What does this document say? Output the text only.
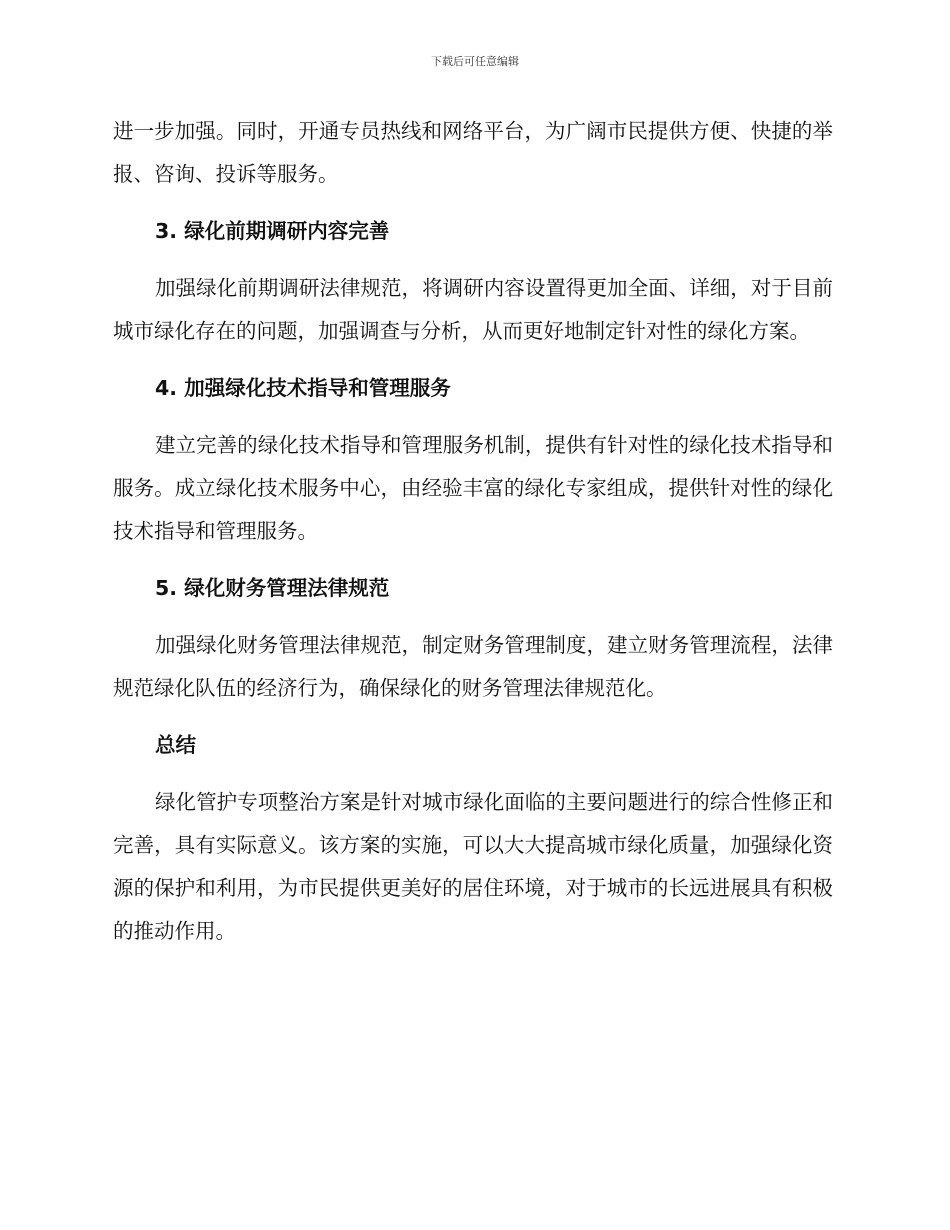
下载后可任意编辑

进一步加强。同时，开通专员热线和网络平台，为广阔市民提供方便、快捷的举报、咨询、投诉等服务。

3. 绿化前期调研内容完善

加强绿化前期调研法律规范，将调研内容设置得更加全面、详细，对于目前城市绿化存在的问题，加强调查与分析，从而更好地制定针对性的绿化方案。

4. 加强绿化技术指导和管理服务

建立完善的绿化技术指导和管理服务机制，提供有针对性的绿化技术指导和服务。成立绿化技术服务中心，由经验丰富的绿化专家组成，提供针对性的绿化技术指导和管理服务。

5. 绿化财务管理法律规范

加强绿化财务管理法律规范，制定财务管理制度，建立财务管理流程，法律规范绿化队伍的经济行为，确保绿化的财务管理法律规范化。

总结

绿化管护专项整治方案是针对城市绿化面临的主要问题进行的综合性修正和完善，具有实际意义。该方案的实施，可以大大提高城市绿化质量，加强绿化资源的保护和利用，为市民提供更美好的居住环境，对于城市的长远进展具有积极的推动作用。
